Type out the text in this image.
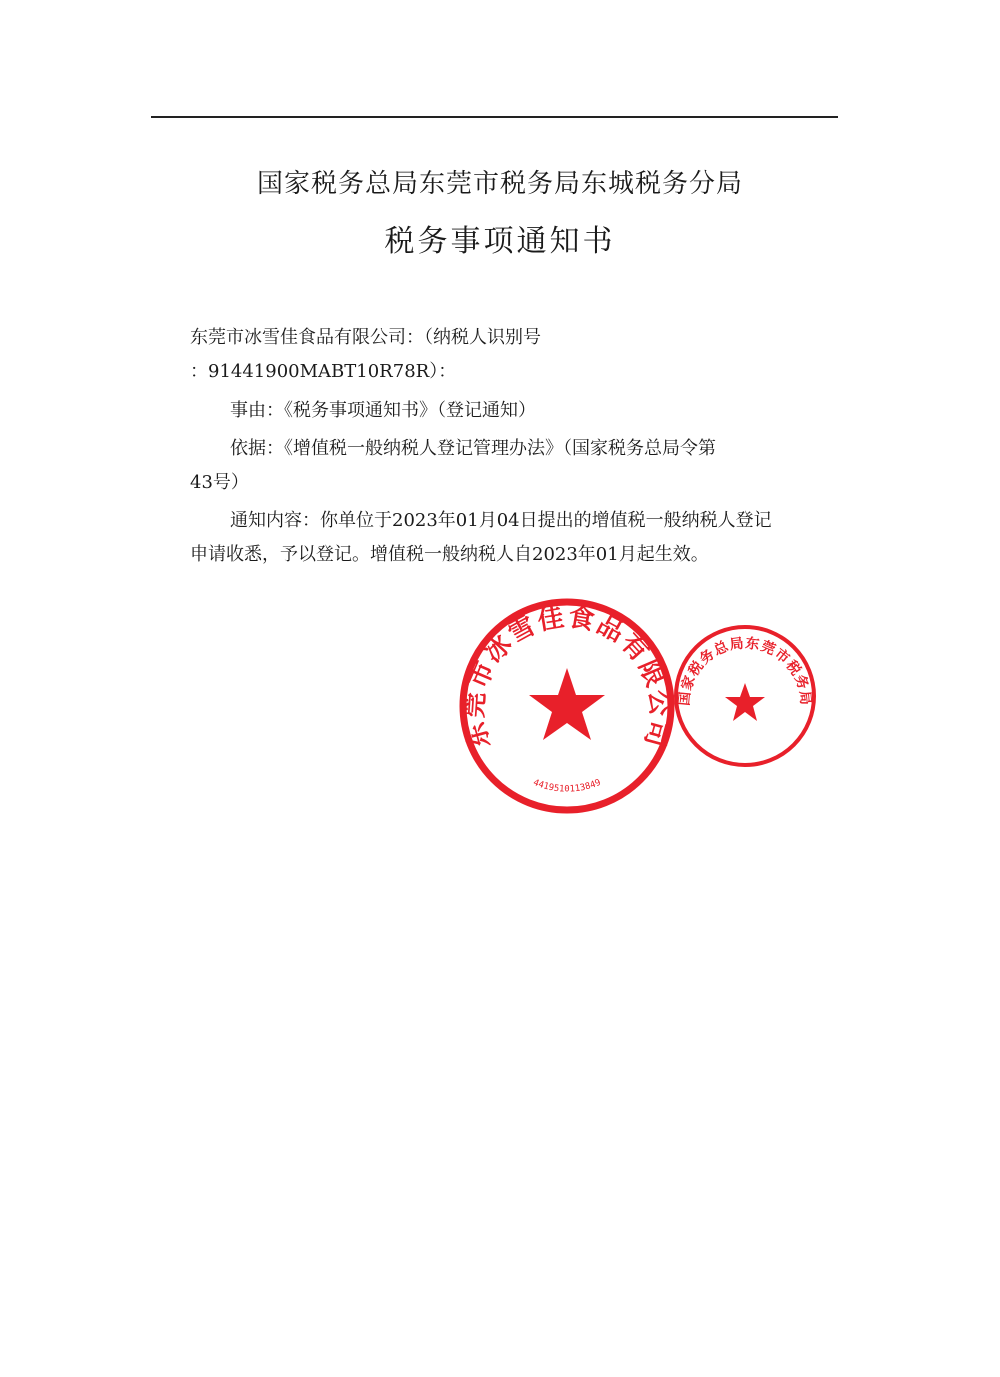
国家税务总局东莞市税务局东城税务分局
税务事项通知书
东莞市冰雪佳食品有限公司：（纳税人识别号
：91441900MABT10R78R）：
事由：《税务事项通知书》（登记通知）
依据：《增值税一般纳税人登记管理办法》（国家税务总局令第
43号）
通知内容：你单位于2023年01月04日提出的增值税一般纳税人登记
申请收悉，予以登记。增值税一般纳税人自2023年01月起生效。
东莞市冰雪佳食品有限公司
4419510113849
国家税务总局东莞市税务局
